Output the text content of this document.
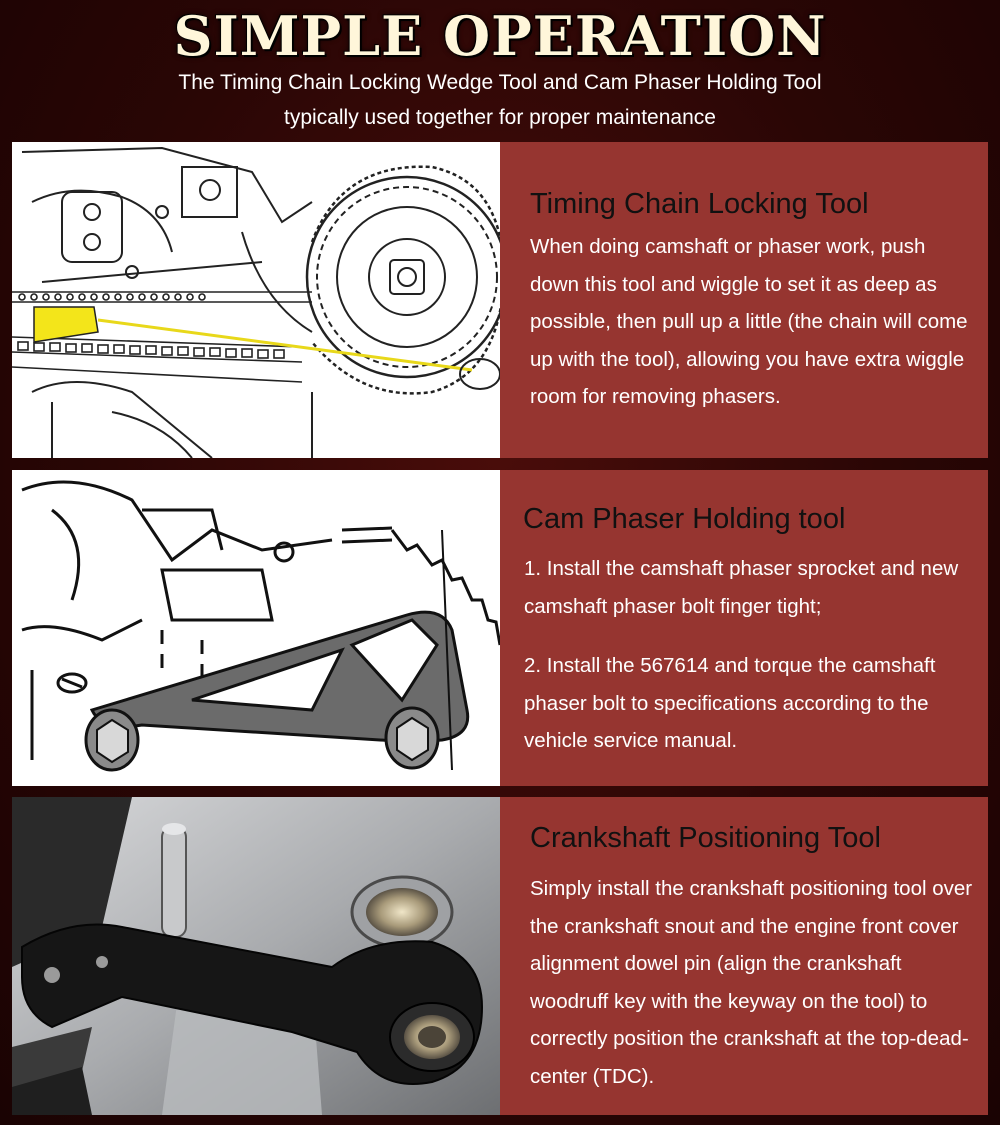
SIMPLE OPERATION
The Timing Chain Locking Wedge Tool and Cam Phaser Holding Tool
typically used together for proper maintenance
Timing Chain Locking Tool

When doing camshaft or phaser work, push down this tool and wiggle to set it as deep as possible, then pull up a little (the chain will come up with the tool), allowing you have extra wiggle room for removing phasers.

Cam Phaser Holding tool

1. Install the camshaft phaser sprocket and new camshaft phaser bolt finger tight;

2. Install the 567614 and torque the camshaft phaser bolt to specifications according to the vehicle service manual.

Crankshaft Positioning Tool

Simply install the crankshaft positioning tool over the crankshaft snout and the engine front cover alignment dowel pin (align the crankshaft woodruff key with the keyway on the tool) to correctly position the crankshaft at the top-dead-center (TDC).
